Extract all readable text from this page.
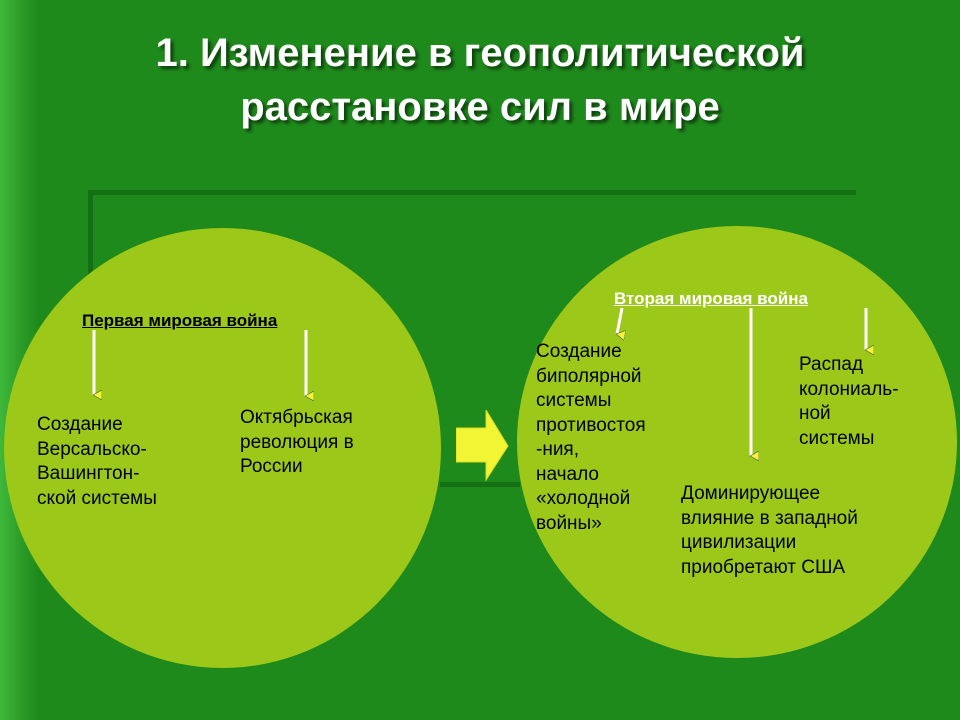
1. Изменение в геополитической
расстановке сил в мире
Первая мировая война
Вторая мировая война
Создание
Версальско-
Вашингтон-
ской системы
Октябрьская
революция в
России
Создание
биполярной
системы
противостоя
-ния,
начало
«холодной
войны»
Распад
колониаль-
ной
системы
Доминирующее
влияние в западной
цивилизации
приобретают США
